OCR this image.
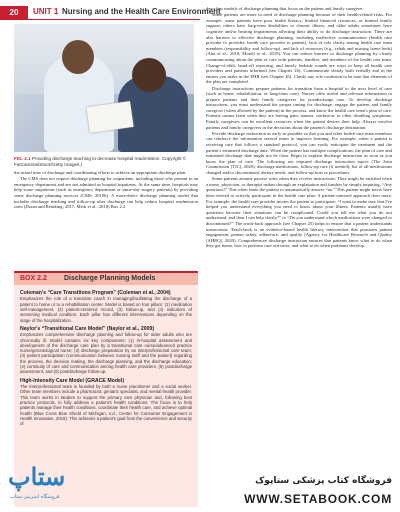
20	UNIT 1 Nursing and the Health Care Environment
FIG. 2.1 Providing discharge teaching to decrease hospital readmission. Copyright © FatCamera/iStock/Getty Images.)

the actual time of discharge and coordinating efforts to achieve an appropriate discharge plan.

The CMS does not require discharge planning for outpatients, including those who present to an emergency department and are not admitted as hospital inpatients. At the same time, hospitals may help some outpatients (such as emergency department or same-day surgery patients) by providing some discharge planning services (CMS, 2019b). A more-direct discharge planning model that includes discharge teaching and follow-up after discharge can help reduce hospital readmission rates (Doran and Reinking, 2017; Merk et al., 2018) Box 2.2

BOX 2.2 Discharge Planning Models
Coleman's “Care Transitions Program” (Coleman et al., 2004)

Emphasizes the role of a transition coach in managing/facilitating the discharge of a patient to home or to a rehabilitation center. Model is based on four pillars: (1) medication self-management, (2) patient-centered record, (3) follow-up, and (4) indicators of worsening medical condition. Each pillar has different interventions depending on the stage of the hospitalization.

Naylor's “Transitional Care Model” (Naylor et al., 2009)

Emphasizes comprehensive discharge planning and follow-up for older adults who are chronically ill. Model contains six key components: (1) in-hospital assessment and development of the discharge care plan by a transitional care nurse/advanced practice nurse/gerontological nurse; (2) discharge preparation by an interprofessional care team; (3) patient participation (communication between nursing staff and the patient) regarding the process, the decision making, the discharge planning, and the discharge education; (4) continuity of care and communication among health care providers; (5) postdischarge assessment; and (6) postdischarge follow-up.

High-Intensity Care Model (GRACE Model)

The interprofessional team is founded by both a nurse practitioner and a social worker. Other team members include a pharmacist, geriatric specialist, and mental health provider. This team works in tandem to support the primary care physician and, following best practice protocols, to fully address a patient's health conditions. The focus is to help patients manage their health conditions, coordinate their health care, and achieve optimal health (Blue Cross Blue Shield of Michigan, n.d.; Center for Consumer Engagement in Health Innovation, 2019). This achieves a patient's goal from the convenience and security of

describes models of discharge planning that focus on the patient and family caregiver.

Some patients are more in need of discharge planning because of their health-related risks. For example, some patients have poor health literacy, limited financial resources, or limited family support; others have long-term disabilities or chronic illness; and older adults sometimes have cognitive and/or hearing impairments affecting their ability to do discharge instruction. There are also barriers to effective discharge planning, including ineffective communication (health care provider to provider; health care provider to patient), lack of role clarity among health care team members (responsibility and follow-up), and lack of resources (e.g., rehab and nursing home beds) (Abu et al., 2018; Morell et al., 2019). You can reduce barriers to discharge planning by clearly communicating about the plan of care with patients, families, and members of the health care team. Change-of-shift, hand-off reporting, and hourly bedside rounds are ways to keep all health care providers and patients informed (see Chapter 26). Communicate clearly both verbally and in the entries you make in the EHR (see Chapter 26). Clarify any role confusion to be sure that elements of the plan are completed.

Discharge instructions prepare patients for transition from a hospital to the next level of care (such as home, rehabilitation, or long-term care). Nurses offer useful and relevant information to prepare patients and their family caregivers for postdischarge care. To develop discharge instructions, you must understand the proper timing for discharge, engage the patient and family caregiver (when allowed by the patient) in the process, and know the health care team's plan of care. Patients cannot learn when they are having pain, nausea, confusion, or other disabling symptoms. Family caregivers can be excellent resources when the patient desires their help. Always involve patients and family caregivers in the decisions about the patient's discharge destination.

Provide discharge instruction as early as possible so that you and other health care team members can reinforce the information several times to improve learning. For example, when a patient is receiving care that follows a standard protocol, you can easily anticipate the treatment and the patient's estimated discharge date. When the patient has multiple complications, the plan of care and estimated discharge date might not be clear. Begin to explain discharge instruction as soon as you know the plan of care. The following are required discharge instruction topics (The Joint Commission [TJC], 2020): discharge medications, follow-up care (if needed), list of all medications changed and/or discontinued, dietary needs, and follow-up tests or procedures.

Some patients assume passive roles when they receive instructions. They might be satisfied when a nurse, physician, or therapist rushes through an explanation and finishes by simply inquiring, “Any questions?” This often leads the patient to automatically answer “no.” This patient might never have been invited to actively participate in the health care plan. A patient-centered approach does more. For example, the health care provider invites the patient to participate: “I want to make sure that I've helped you understand everything you need to know about your illness. Patients usually have questions because their situations can be complicated. Could you tell me what you do not understand, and then I can help clarify?” or “Do you understand which medications were changed or discontinued?” The teach-back approach (see Chapter 25) helps to ensure that a patient understands instructions. Teach-back is an evidence-based health literacy intervention that promotes patient engagement, patient safety, adherence, and quality (Agency for Healthcare Research and Quality [AHRQ], 2020). Comprehensive discharge instruction ensures that patients know what to do when they get home, how to perform care activities, and what to do when problems develop.

ستاپ
فروشگاه اینترنتی ستاپ
فروشگاه کتاب پزشکی ستاپوک
WWW.SETABOOK.COM
